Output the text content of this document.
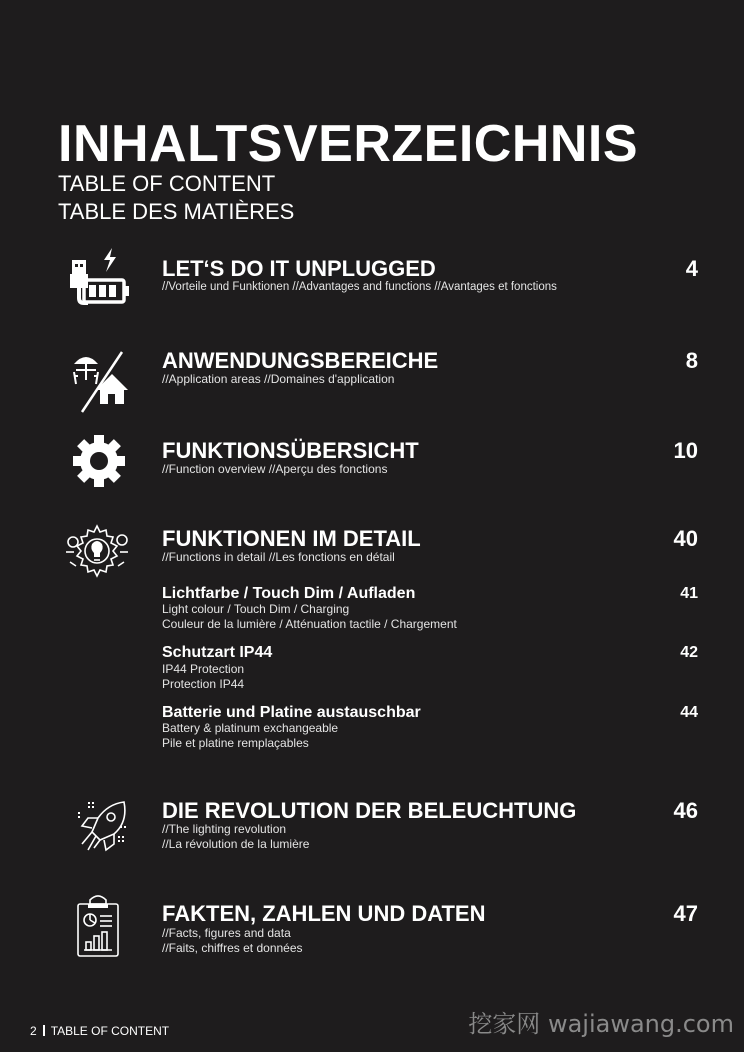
INHALTSVERZEICHNIS
TABLE OF CONTENT
TABLE DES MATIÈRES
LET‘S DO IT UNPLUGGED	4
//Vorteile und Funktionen //Advantages and functions //Avantages et fonctions
ANWENDUNGSBEREICHE	8
//Application areas //Domaines d'application
FUNKTIONSÜBERSICHT	10
//Function overview //Aperçu des fonctions
FUNKTIONEN IM DETAIL	40
//Functions in detail //Les fonctions en détail
Lichtfarbe / Touch Dim / Aufladen	41
Light colour / Touch Dim / Charging
Couleur de la lumière / Atténuation tactile / Chargement
Schutzart IP44	42
IP44 Protection
Protection IP44
Batterie und Platine austauschbar	44
Battery & platinum exchangeable
Pile et platine remplaçables
DIE REVOLUTION DER BELEUCHTUNG	46
//The lighting revolution
//La révolution de la lumière
FAKTEN, ZAHLEN UND DATEN	47
//Facts, figures and data
//Faits, chiffres et données
2 TABLE OF CONTENT	挖家网 wajiawang.com
